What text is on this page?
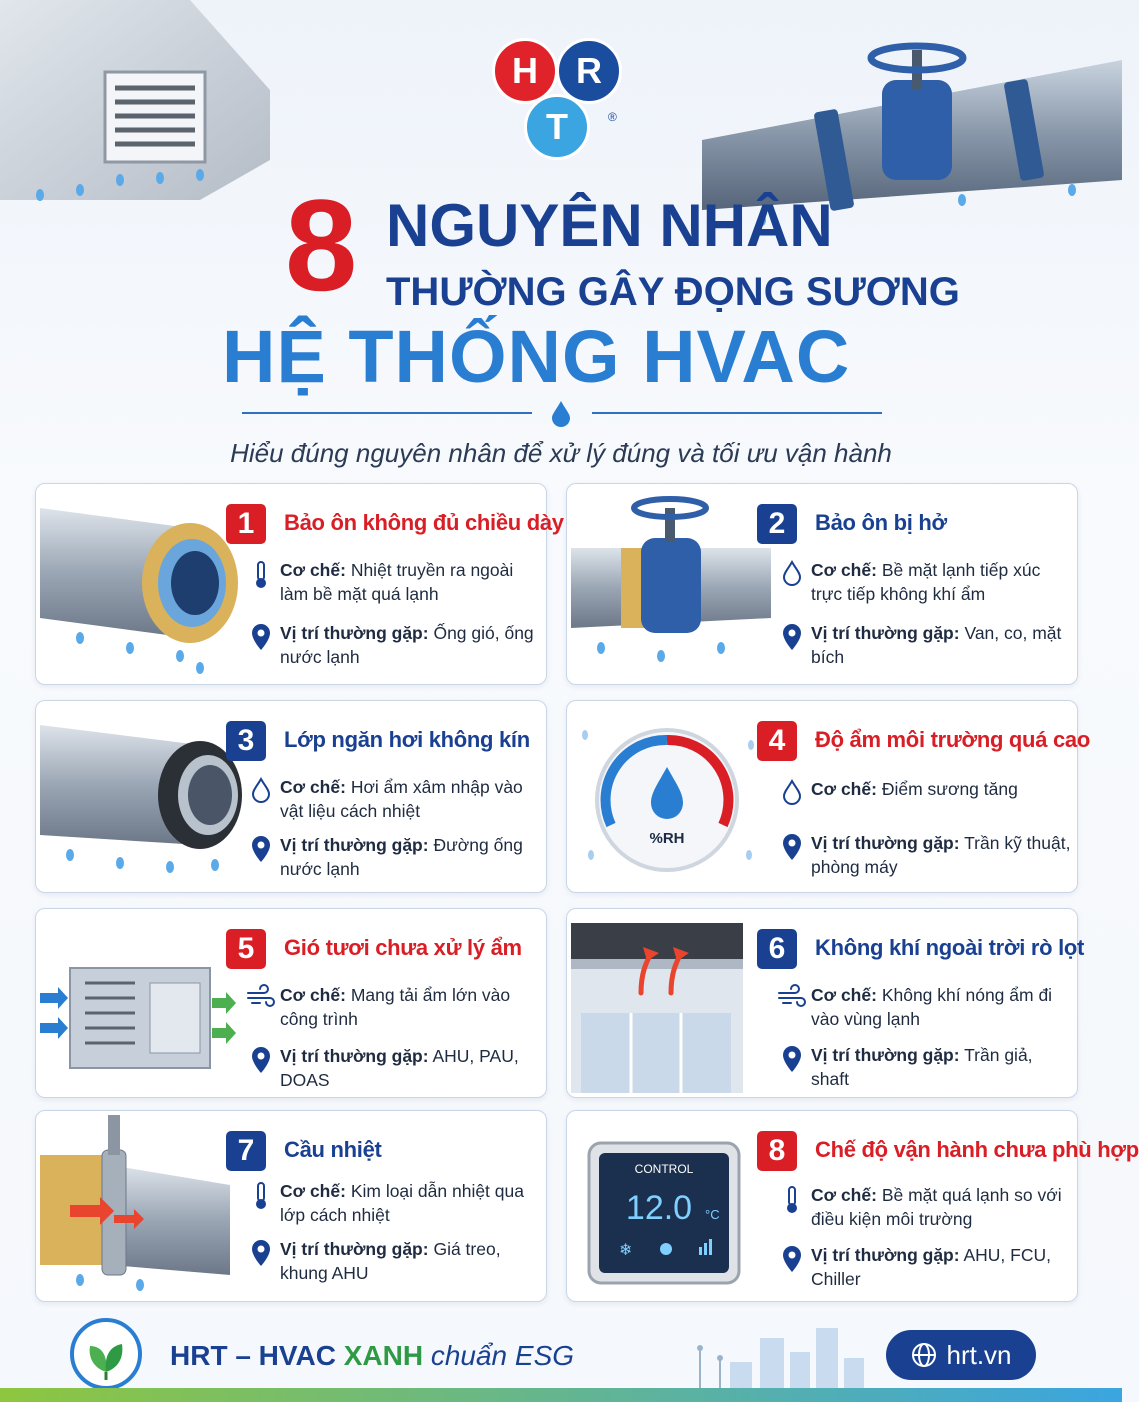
H	R
T	®
8 NGUYÊN NHÂN
THƯỜNG GÂY ĐỌNG SƯƠNG
HỆ THỐNG HVAC
Hiểu đúng nguyên nhân để xử lý đúng và tối ưu vận hành
1	Bảo ôn không đủ chiều dày
Cơ chế: Nhiệt truyền ra ngoài làm bề mặt quá lạnh
Vị trí thường gặp: Ống gió, ống nước lạnh
2	Bảo ôn bị hở
Cơ chế: Bề mặt lạnh tiếp xúc trực tiếp không khí ẩm
Vị trí thường gặp: Van, co, mặt bích
3	Lớp ngăn hơi không kín
Cơ chế: Hơi ẩm xâm nhập vào vật liệu cách nhiệt
Vị trí thường gặp: Đường ống nước lạnh
%RH
4	Độ ẩm môi trường quá cao
Cơ chế: Điểm sương tăng
Vị trí thường gặp: Trần kỹ thuật, phòng máy
5	Gió tươi chưa xử lý ẩm
Cơ chế: Mang tải ẩm lớn vào công trình
Vị trí thường gặp: AHU, PAU, DOAS
6	Không khí ngoài trời rò lọt
Cơ chế: Không khí nóng ẩm đi vào vùng lạnh
Vị trí thường gặp: Trần giả, shaft
7	Cầu nhiệt
Cơ chế: Kim loại dẫn nhiệt qua lớp cách nhiệt
Vị trí thường gặp: Giá treo, khung AHU
CONTROL
12.0 °C
❄
8	Chế độ vận hành chưa phù hợp
Cơ chế: Bề mặt quá lạnh so với điều kiện môi trường
Vị trí thường gặp: AHU, FCU, Chiller
HRT – HVAC XANH chuẩn ESG	hrt.vn
